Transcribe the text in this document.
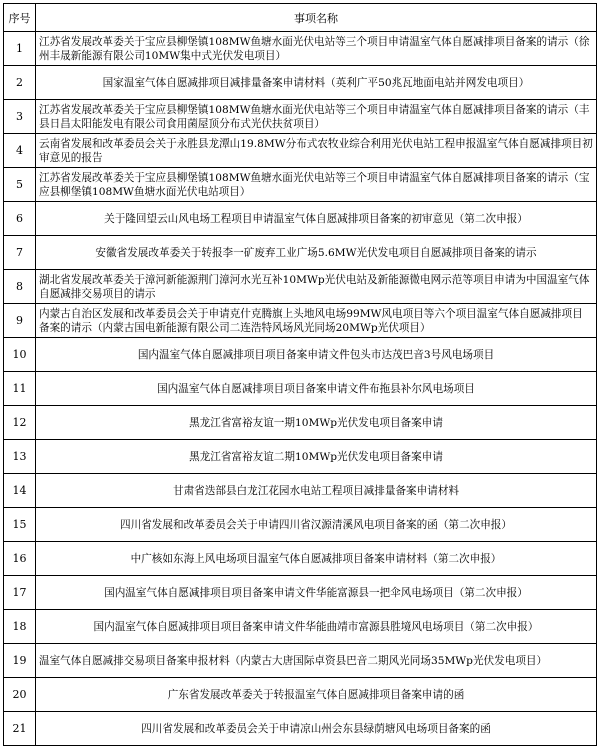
序号	事项名称
1	江苏省发展改革委关于宝应县柳堡镇108MW鱼塘水面光伏电站等三个项目申请温室气体自愿减排项目备案的请示（徐州丰晟新能源有限公司10MW集中式光伏发电项目）
2	国家温室气体自愿减排项目减排量备案申请材料（英利广平50兆瓦地面电站并网发电项目）
3	江苏省发展改革委关于宝应县柳堡镇108MW鱼塘水面光伏电站等三个项目申请温室气体自愿减排项目备案的请示（丰县日昌太阳能发电有限公司食用菌屋顶分布式光伏扶贫项目）
4	云南省发展和改革委员会关于永胜县龙潭山19.8MW分布式农牧业综合利用光伏电站工程申报温室气体自愿减排项目初审意见的报告
5	江苏省发展改革委关于宝应县柳堡镇108MW鱼塘水面光伏电站等三个项目申请温室气体自愿减排项目备案的请示（宝应县柳堡镇108MW鱼塘水面光伏电站项目）
6	关于隆回望云山风电场工程项目申请温室气体自愿减排项目备案的初审意见（第二次申报）
7	安徽省发展改革委关于转报李一矿废弃工业广场5.6MW光伏发电项目自愿减排项目备案的请示
8	湖北省发展改革委关于漳河新能源荆门漳河水光互补10MWp光伏电站及新能源微电网示范等项目申请为中国温室气体自愿减排交易项目的请示
9	内蒙古自治区发展和改革委员会关于申请克什克腾旗上头地风电场99MW风电项目等六个项目温室气体自愿减排项目备案的请示（内蒙古国电新能源有限公司二连浩特风场风光同场20MWp光伏项目）
10	国内温室气体自愿减排项目项目备案申请文件包头市达茂巴音3号风电场项目
11	国内温室气体自愿减排项目项目备案申请文件布拖县补尔风电场项目
12	黑龙江省富裕友谊一期10MWp光伏发电项目备案申请
13	黑龙江省富裕友谊二期10MWp光伏发电项目备案申请
14	甘肃省迭部县白龙江花园水电站工程项目减排量备案申请材料
15	四川省发展和改革委员会关于申请四川省汉源清溪风电项目备案的函（第二次申报）
16	中广核如东海上风电场项目温室气体自愿减排项目备案申请材料（第二次申报）
17	国内温室气体自愿减排项目项目备案申请文件华能富源县一把伞风电场项目（第二次申报）
18	国内温室气体自愿减排项目项目备案申请文件华能曲靖市富源县胜境风电场项目（第二次申报）
19	温室气体自愿减排交易项目备案申报材料（内蒙古大唐国际卓资县巴音二期风光同场35MWp光伏发电项目）
20	广东省发展改革委关于转报温室气体自愿减排项目备案申请的函
21	四川省发展和改革委员会关于申请凉山州会东县绿荫塘风电场项目备案的函
